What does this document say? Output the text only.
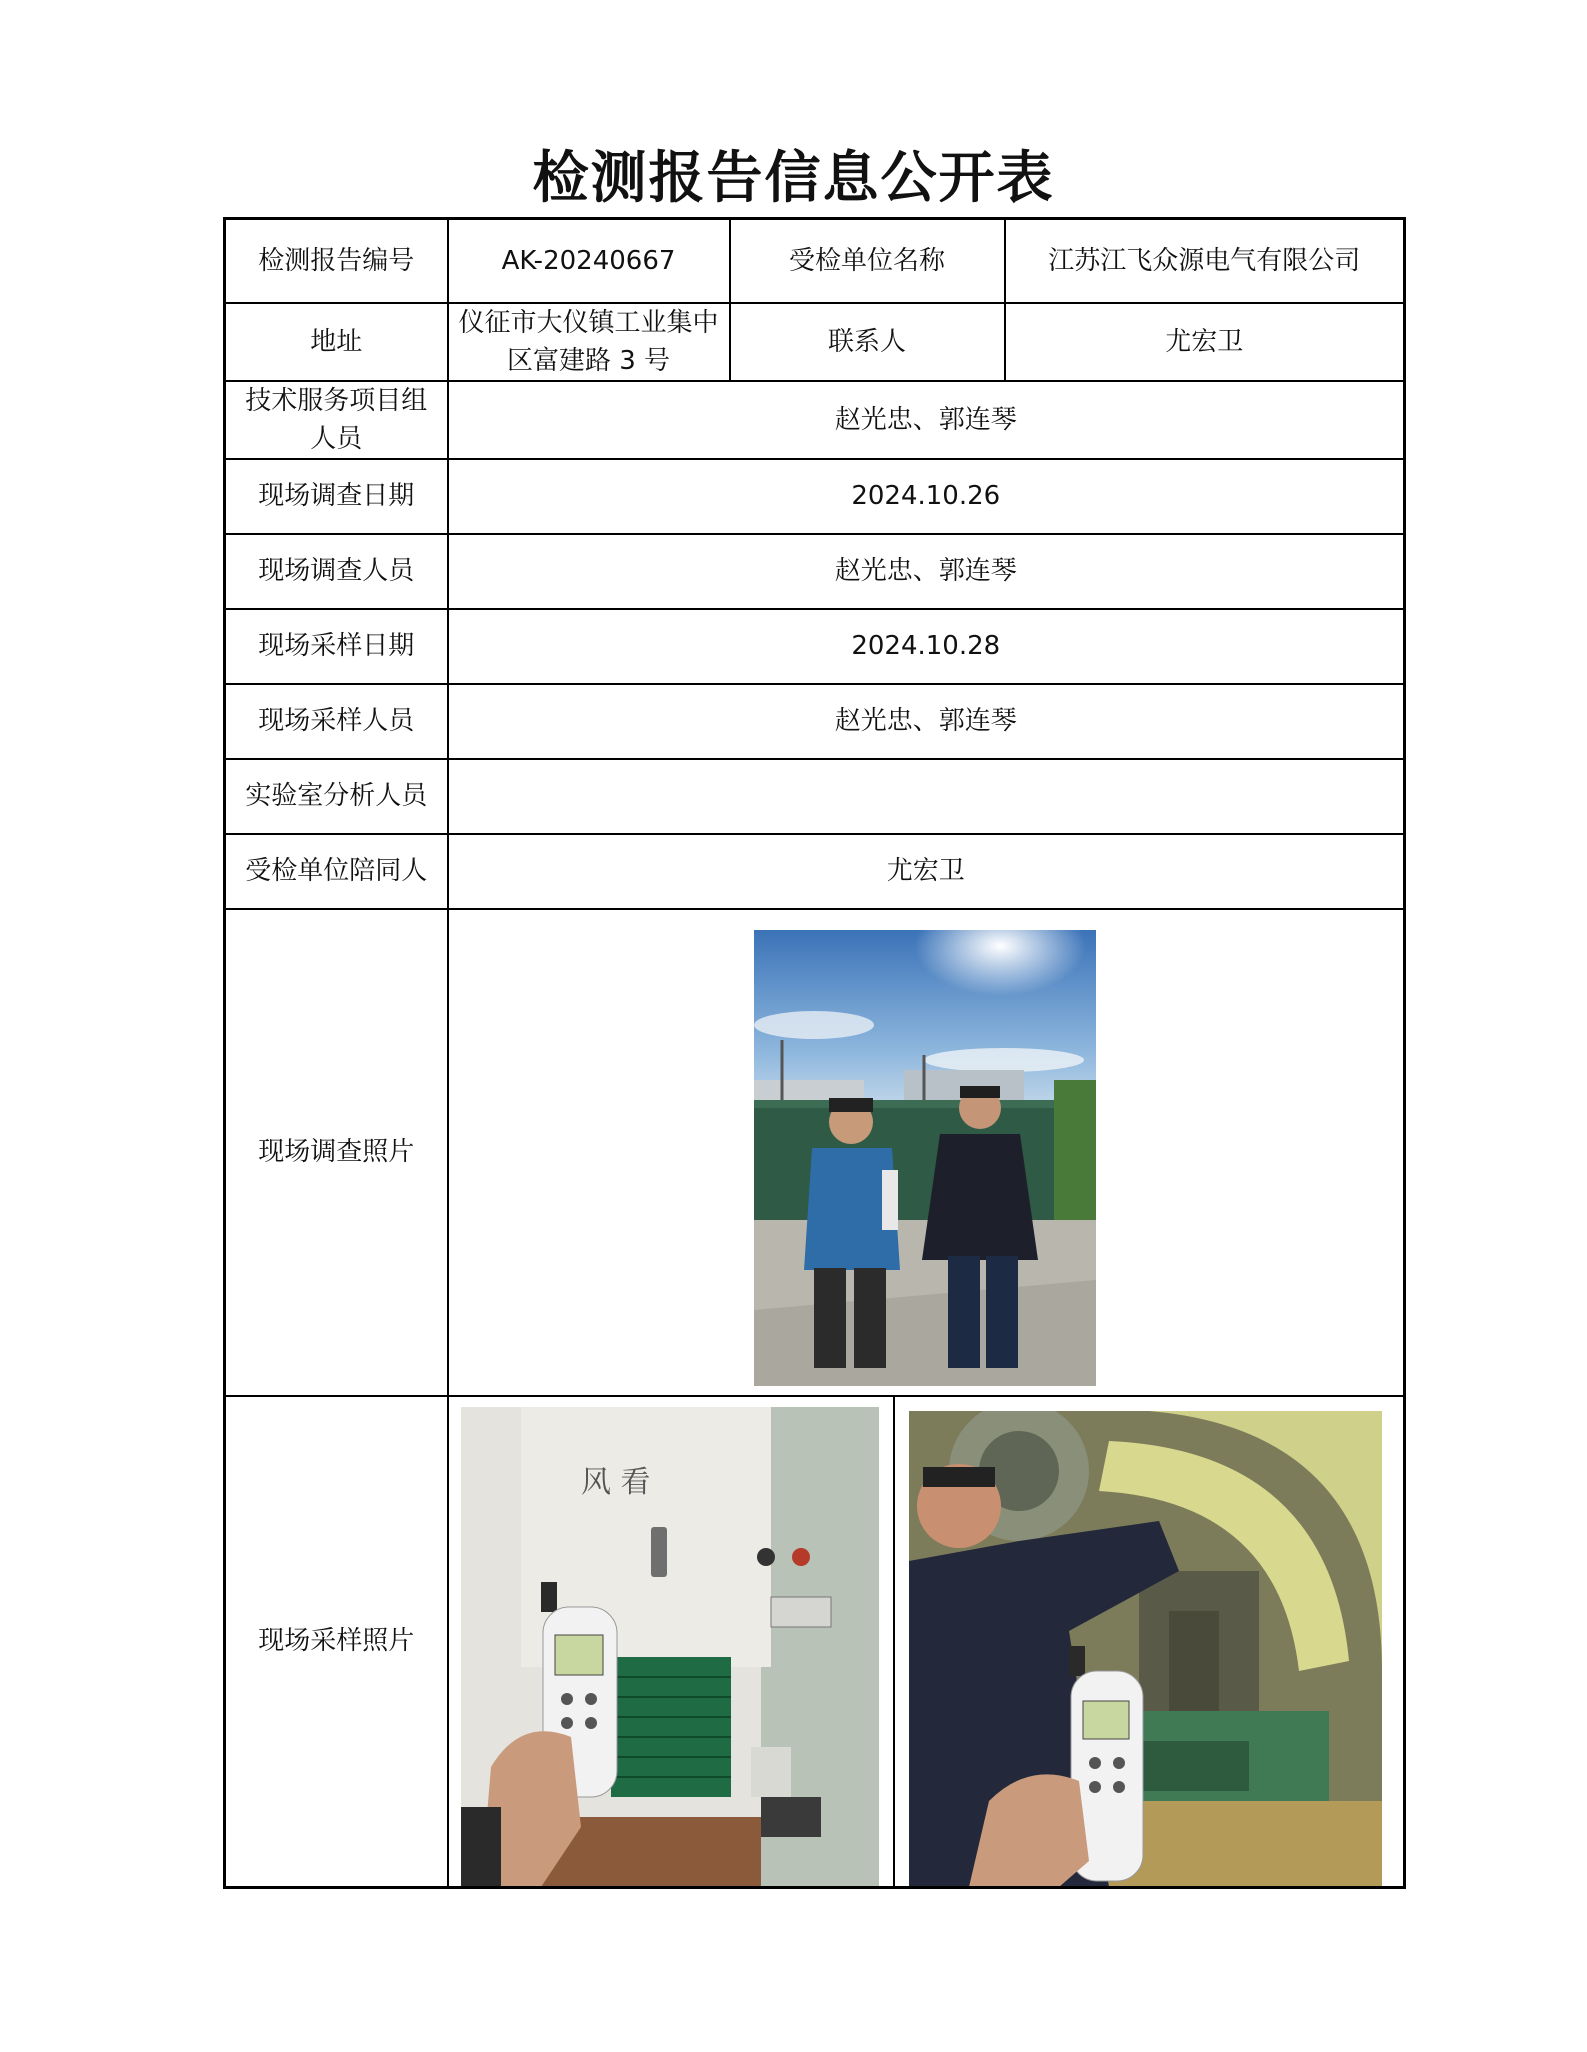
检测报告信息公开表
检测报告编号	AK-20240667	受检单位名称	江苏江飞众源电气有限公司
地址	仪征市大仪镇工业集中区富建路 3 号	联系人	尤宏卫
技术服务项目组人员	赵光忠、郭连琴		
现场调查日期	2024.10.26		
现场调查人员	赵光忠、郭连琴		
现场采样日期	2024.10.28		
现场采样人员	赵光忠、郭连琴		
实验室分析人员			
受检单位陪同人	尤宏卫		
现场调查照片	

现场采样照片	风 看		
